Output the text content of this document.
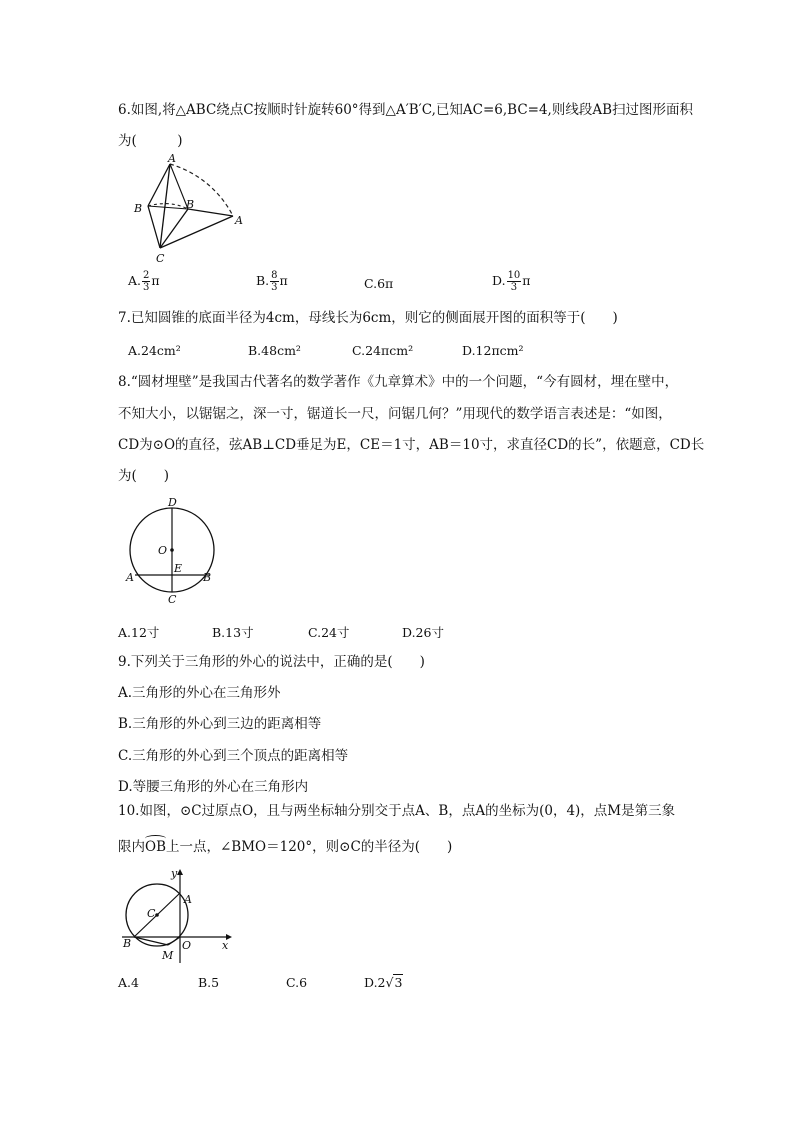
6.如图,将△ABC绕点C按顺时针旋转60°得到△A′B′C,已知AC=6,BC=4,则线段AB扫过图形面积
为(　　　)
A
B	B
A
C
A. $\frac{2}{3}$ π	B. $\frac{8}{3}$ π	C.6π	D. $\frac{10}{3}$ π
7.已知圆锥的底面半径为4cm，母线长为6cm，则它的侧面展开图的面积等于(　　)
A.24cm²	B.48cm²	C.24πcm²	D.12πcm²
8.“圆材埋壁”是我国古代著名的数学著作《九章算术》中的一个问题，“今有圆材，埋在壁中，
不知大小，以锯锯之，深一寸，锯道长一尺，问锯几何？”用现代的数学语言表述是：“如图，
CD为⊙O的直径，弦AB⊥CD垂足为E，CE＝1寸，AB＝10寸，求直径CD的长”，依题意，CD长
为(　　)
D
O
E
A	B
C
A.12寸	B.13寸	C.24寸	D.26寸
9.下列关于三角形的外心的说法中，正确的是(　　)
A.三角形的外心在三角形外
B.三角形的外心到三边的距离相等
C.三角形的外心到三个顶点的距离相等
D.等腰三角形的外心在三角形内
10.如图，⊙C过原点O，且与两坐标轴分别交于点A、B，点A的坐标为(0，4)，点M是第三象
限内
OB上一点，∠BMO＝120°，则⊙C的半径为(　　)
y
x
A
C
B	O
M
A.4	B.5	C.6	D.2√3
